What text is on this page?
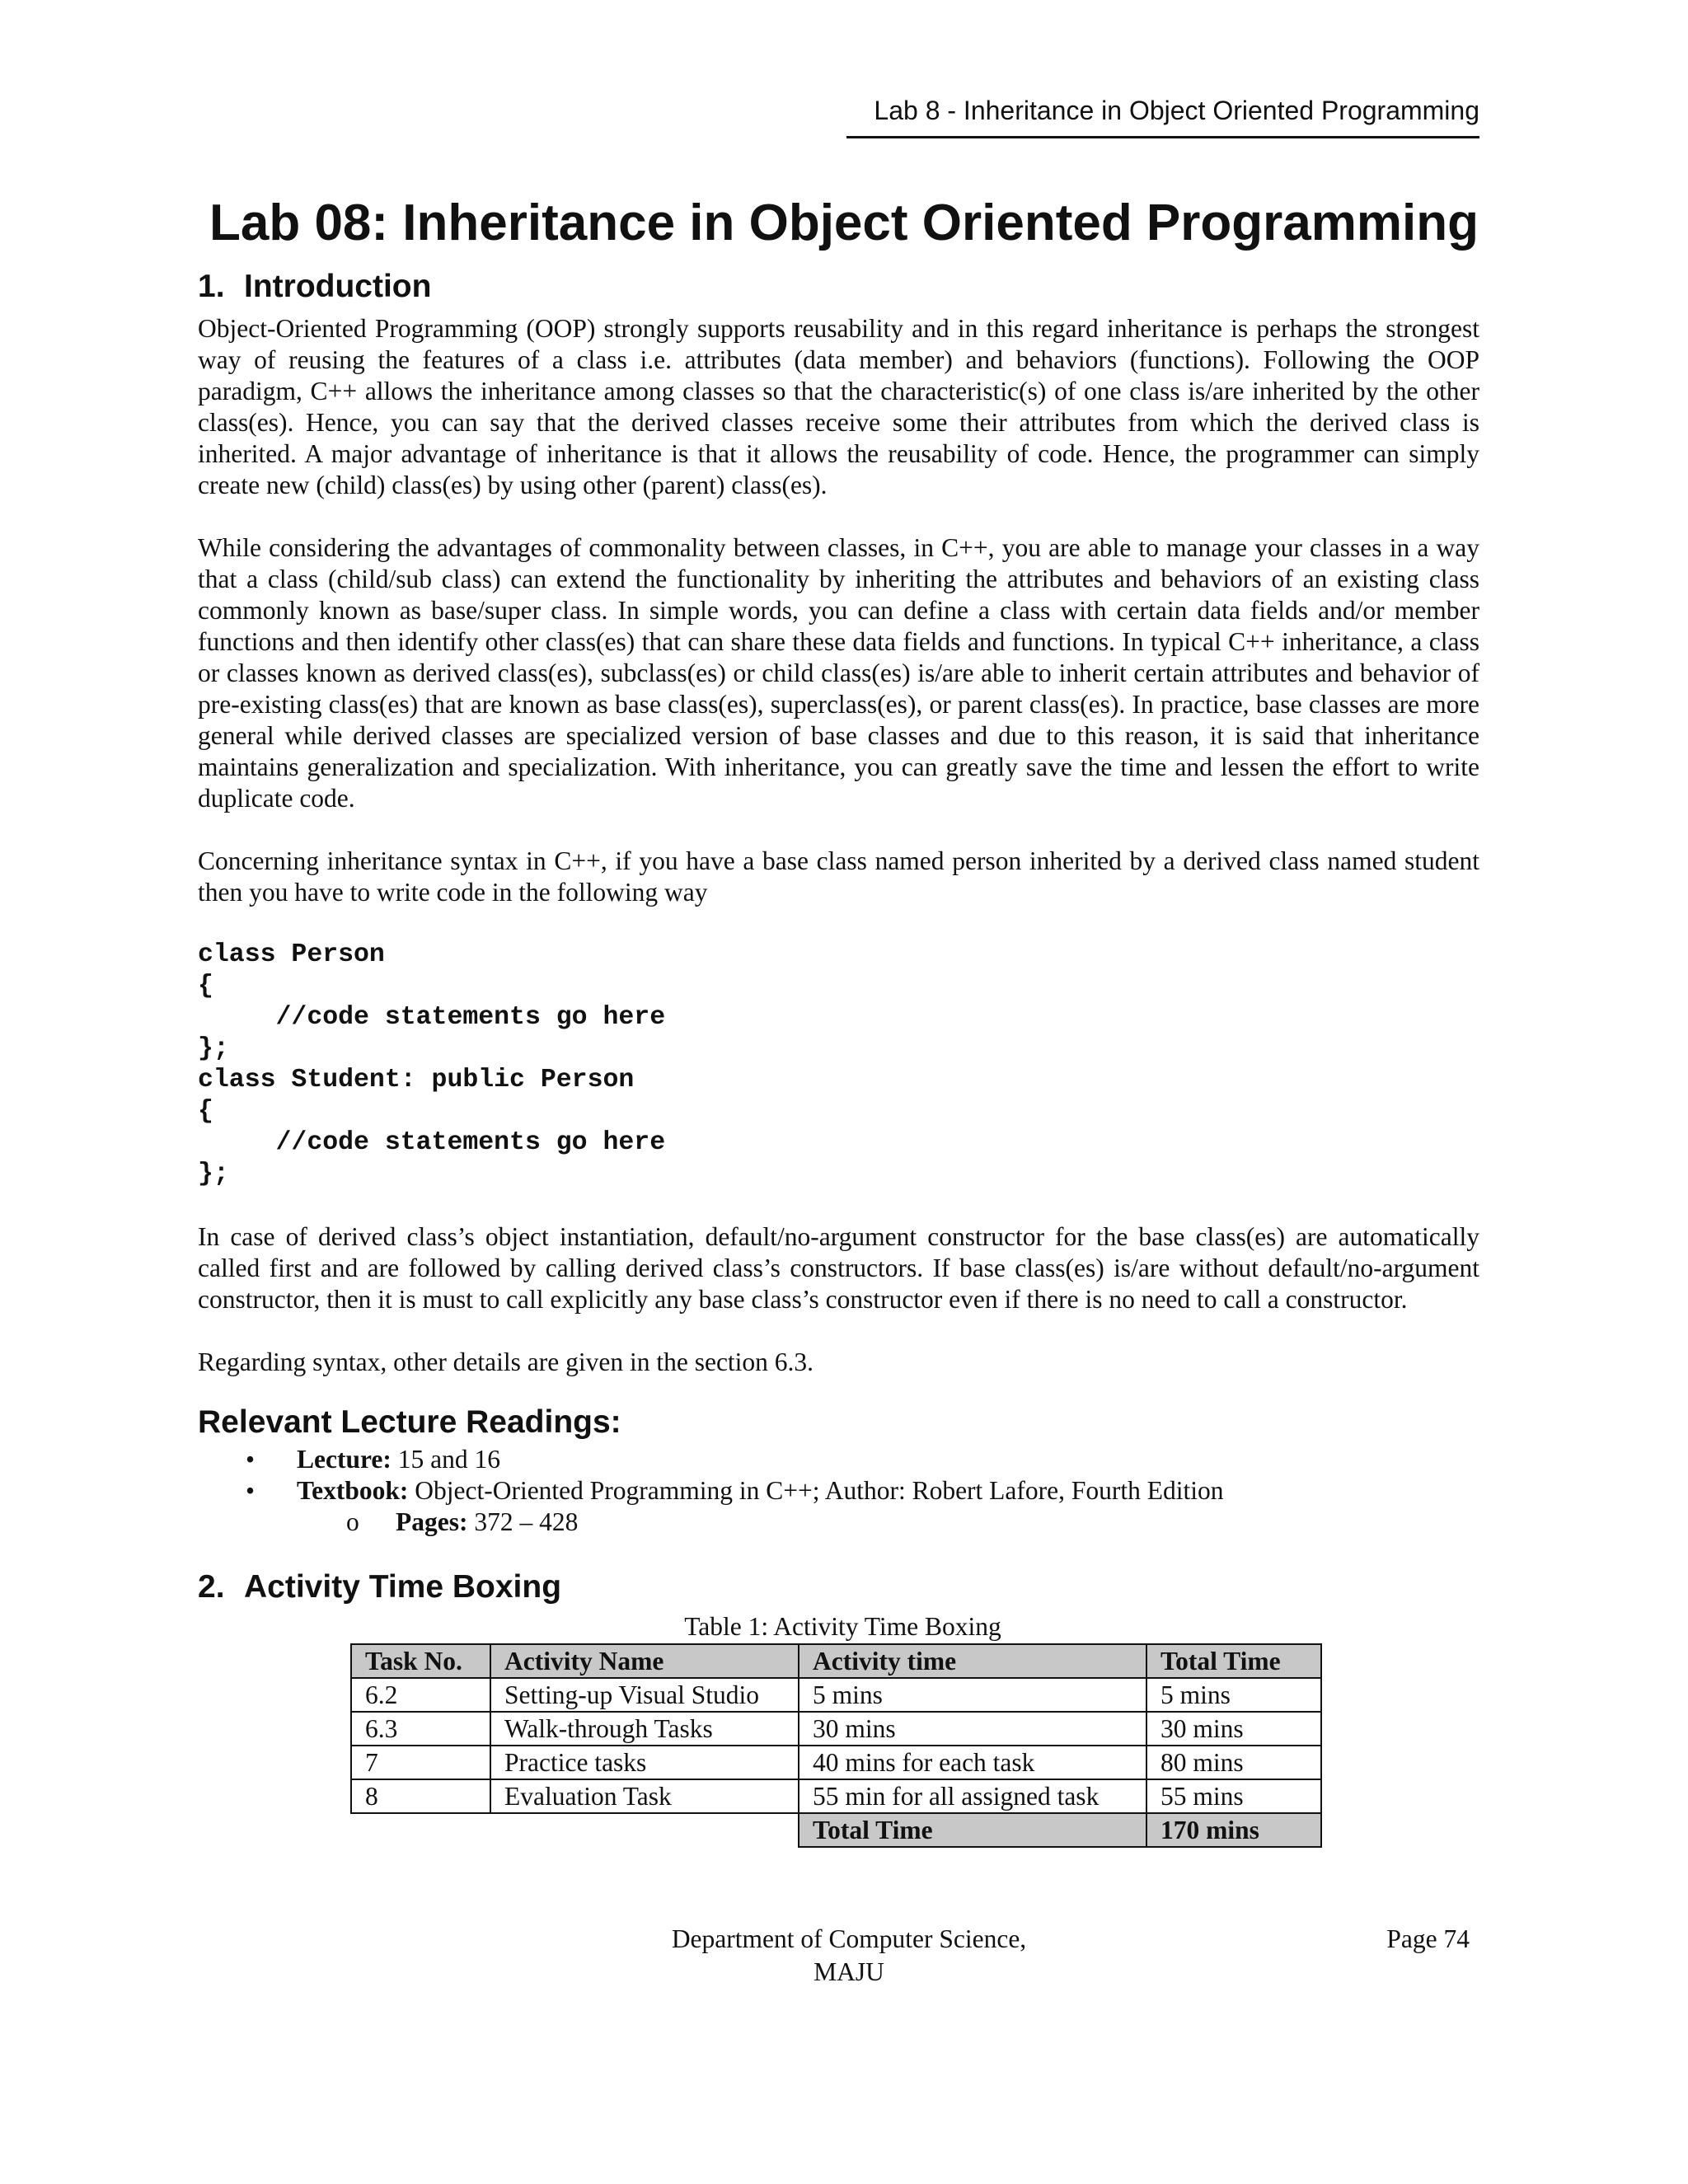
Lab 8 - Inheritance in Object Oriented Programming
Lab 08: Inheritance in Object Oriented Programming
1. Introduction

Object-Oriented Programming (OOP) strongly supports reusability and in this regard inheritance is perhaps the strongest way of reusing the features of a class i.e. attributes (data member) and behaviors (functions). Following the OOP paradigm, C++ allows the inheritance among classes so that the characteristic(s) of one class is/are inherited by the other class(es). Hence, you can say that the derived classes receive some their attributes from which the derived class is inherited. A major advantage of inheritance is that it allows the reusability of code. Hence, the programmer can simply create new (child) class(es) by using other (parent) class(es).

While considering the advantages of commonality between classes, in C++, you are able to manage your classes in a way that a class (child/sub class) can extend the functionality by inheriting the attributes and behaviors of an existing class commonly known as base/super class. In simple words, you can define a class with certain data fields and/or member functions and then identify other class(es) that can share these data fields and functions. In typical C++ inheritance, a class or classes known as derived class(es), subclass(es) or child class(es) is/are able to inherit certain attributes and behavior of pre-existing class(es) that are known as base class(es), superclass(es), or parent class(es). In practice, base classes are more general while derived classes are specialized version of base classes and due to this reason, it is said that inheritance maintains generalization and specialization. With inheritance, you can greatly save the time and lessen the effort to write duplicate code.

Concerning inheritance syntax in C++, if you have a base class named person inherited by a derived class named student then you have to write code in the following way

class Person
{
//code statements go here
};
class Student: public Person
{
//code statements go here
};

In case of derived class’s object instantiation, default/no-argument constructor for the base class(es) are automatically called first and are followed by calling derived class’s constructors. If base class(es) is/are without default/no-argument constructor, then it is must to call explicitly any base class’s constructor even if there is no need to call a constructor.

Regarding syntax, other details are given in the section 6.3.

Relevant Lecture Readings:
• Lecture: 15 and 16
• Textbook: Object-Oriented Programming in C++; Author: Robert Lafore, Fourth Edition
o Pages: 372 – 428
2. Activity Time Boxing

Table 1: Activity Time Boxing

Task No.	Activity Name	Activity time	Total Time
6.2	Setting-up Visual Studio	5 mins	5 mins
6.3	Walk-through Tasks	30 mins	30 mins
7	Practice tasks	40 mins for each task	80 mins
8	Evaluation Task	55 min for all assigned task	55 mins
		Total Time	170 mins
Department of Computer Science,
MAJU
Page 74
